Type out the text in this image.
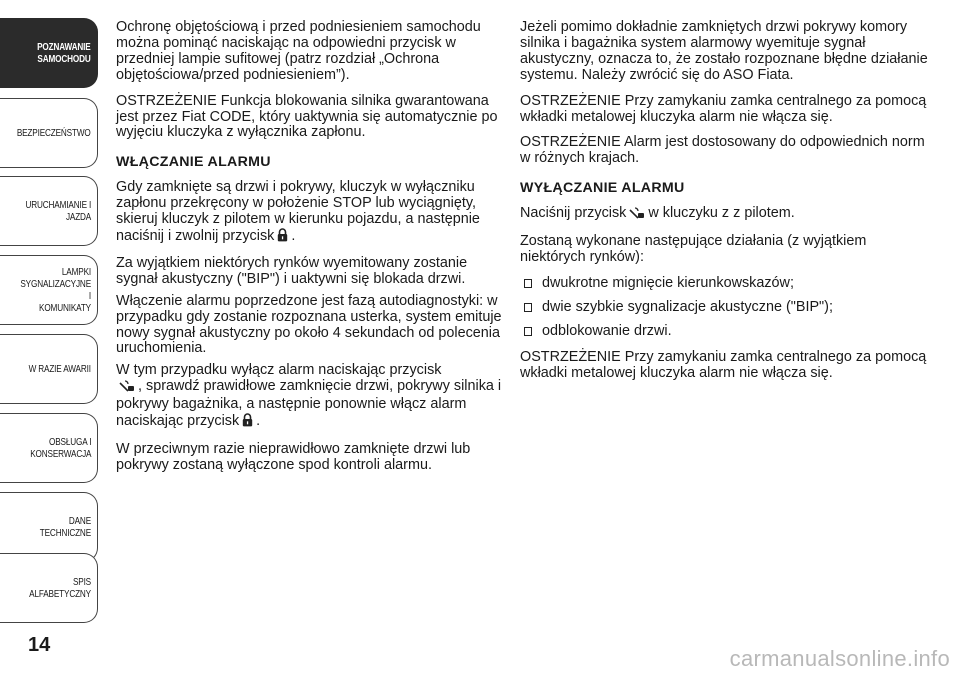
POZNAWANIE
SAMOCHODU
BEZPIECZEŃSTWO
URUCHAMIANIE I
JAZDA
LAMPKI
SYGNALIZACYJNE I
KOMUNIKATY
W RAZIE AWARII
OBSŁUGA I
KONSERWACJA
DANE TECHNICZNE
SPIS ALFABETYCZNY
14

Ochronę objętościową i przed podniesieniem samochodu można pominąć naciskając na odpowiedni przycisk w przedniej lampie sufitowej (patrz rozdział „Ochrona objętościowa/przed podniesieniem”).

OSTRZEŻENIE Funkcja blokowania silnika gwarantowana jest przez Fiat CODE, który uaktywnia się automatycznie po wyjęciu kluczyka z wyłącznika zapłonu.

WŁĄCZANIE ALARMU

Gdy zamknięte są drzwi i pokrywy, kluczyk w wyłączniku zapłonu przekręcony w położenie STOP lub wyciągnięty, skieruj kluczyk z pilotem w kierunku pojazdu, a następnie naciśnij i zwolnij przycisk .

Za wyjątkiem niektórych rynków wyemitowany zostanie sygnał akustyczny ("BIP") i uaktywni się blokada drzwi.

Włączenie alarmu poprzedzone jest fazą autodiagnostyki: w przypadku gdy zostanie rozpoznana usterka, system emituje nowy sygnał akustyczny po około 4 sekundach od polecenia uruchomienia.

W tym przypadku wyłącz alarm naciskając przycisk
, sprawdź prawidłowe zamknięcie drzwi, pokrywy silnika i pokrywy bagażnika, a następnie ponownie włącz alarm naciskając przycisk .

W przeciwnym razie nieprawidłowo zamknięte drzwi lub pokrywy zostaną wyłączone spod kontroli alarmu.

Jeżeli pomimo dokładnie zamkniętych drzwi pokrywy komory silnika i bagażnika system alarmowy wyemituje sygnał akustyczny, oznacza to, że zostało rozpoznane błędne działanie systemu. Należy zwrócić się do ASO Fiata.

OSTRZEŻENIE Przy zamykaniu zamka centralnego za pomocą wkładki metalowej kluczyka alarm nie włącza się.

OSTRZEŻENIE Alarm jest dostosowany do odpowiednich norm w różnych krajach.

WYŁĄCZANIE ALARMU

Naciśnij przycisk w kluczyku z z pilotem.

Zostaną wykonane następujące działania (z wyjątkiem niektórych rynków):

dwukrotne mignięcie kierunkowskazów;
dwie szybkie sygnalizacje akustyczne ("BIP");
odblokowanie drzwi.

OSTRZEŻENIE Przy zamykaniu zamka centralnego za pomocą wkładki metalowej kluczyka alarm nie włącza się.

carmanualsonline.info
